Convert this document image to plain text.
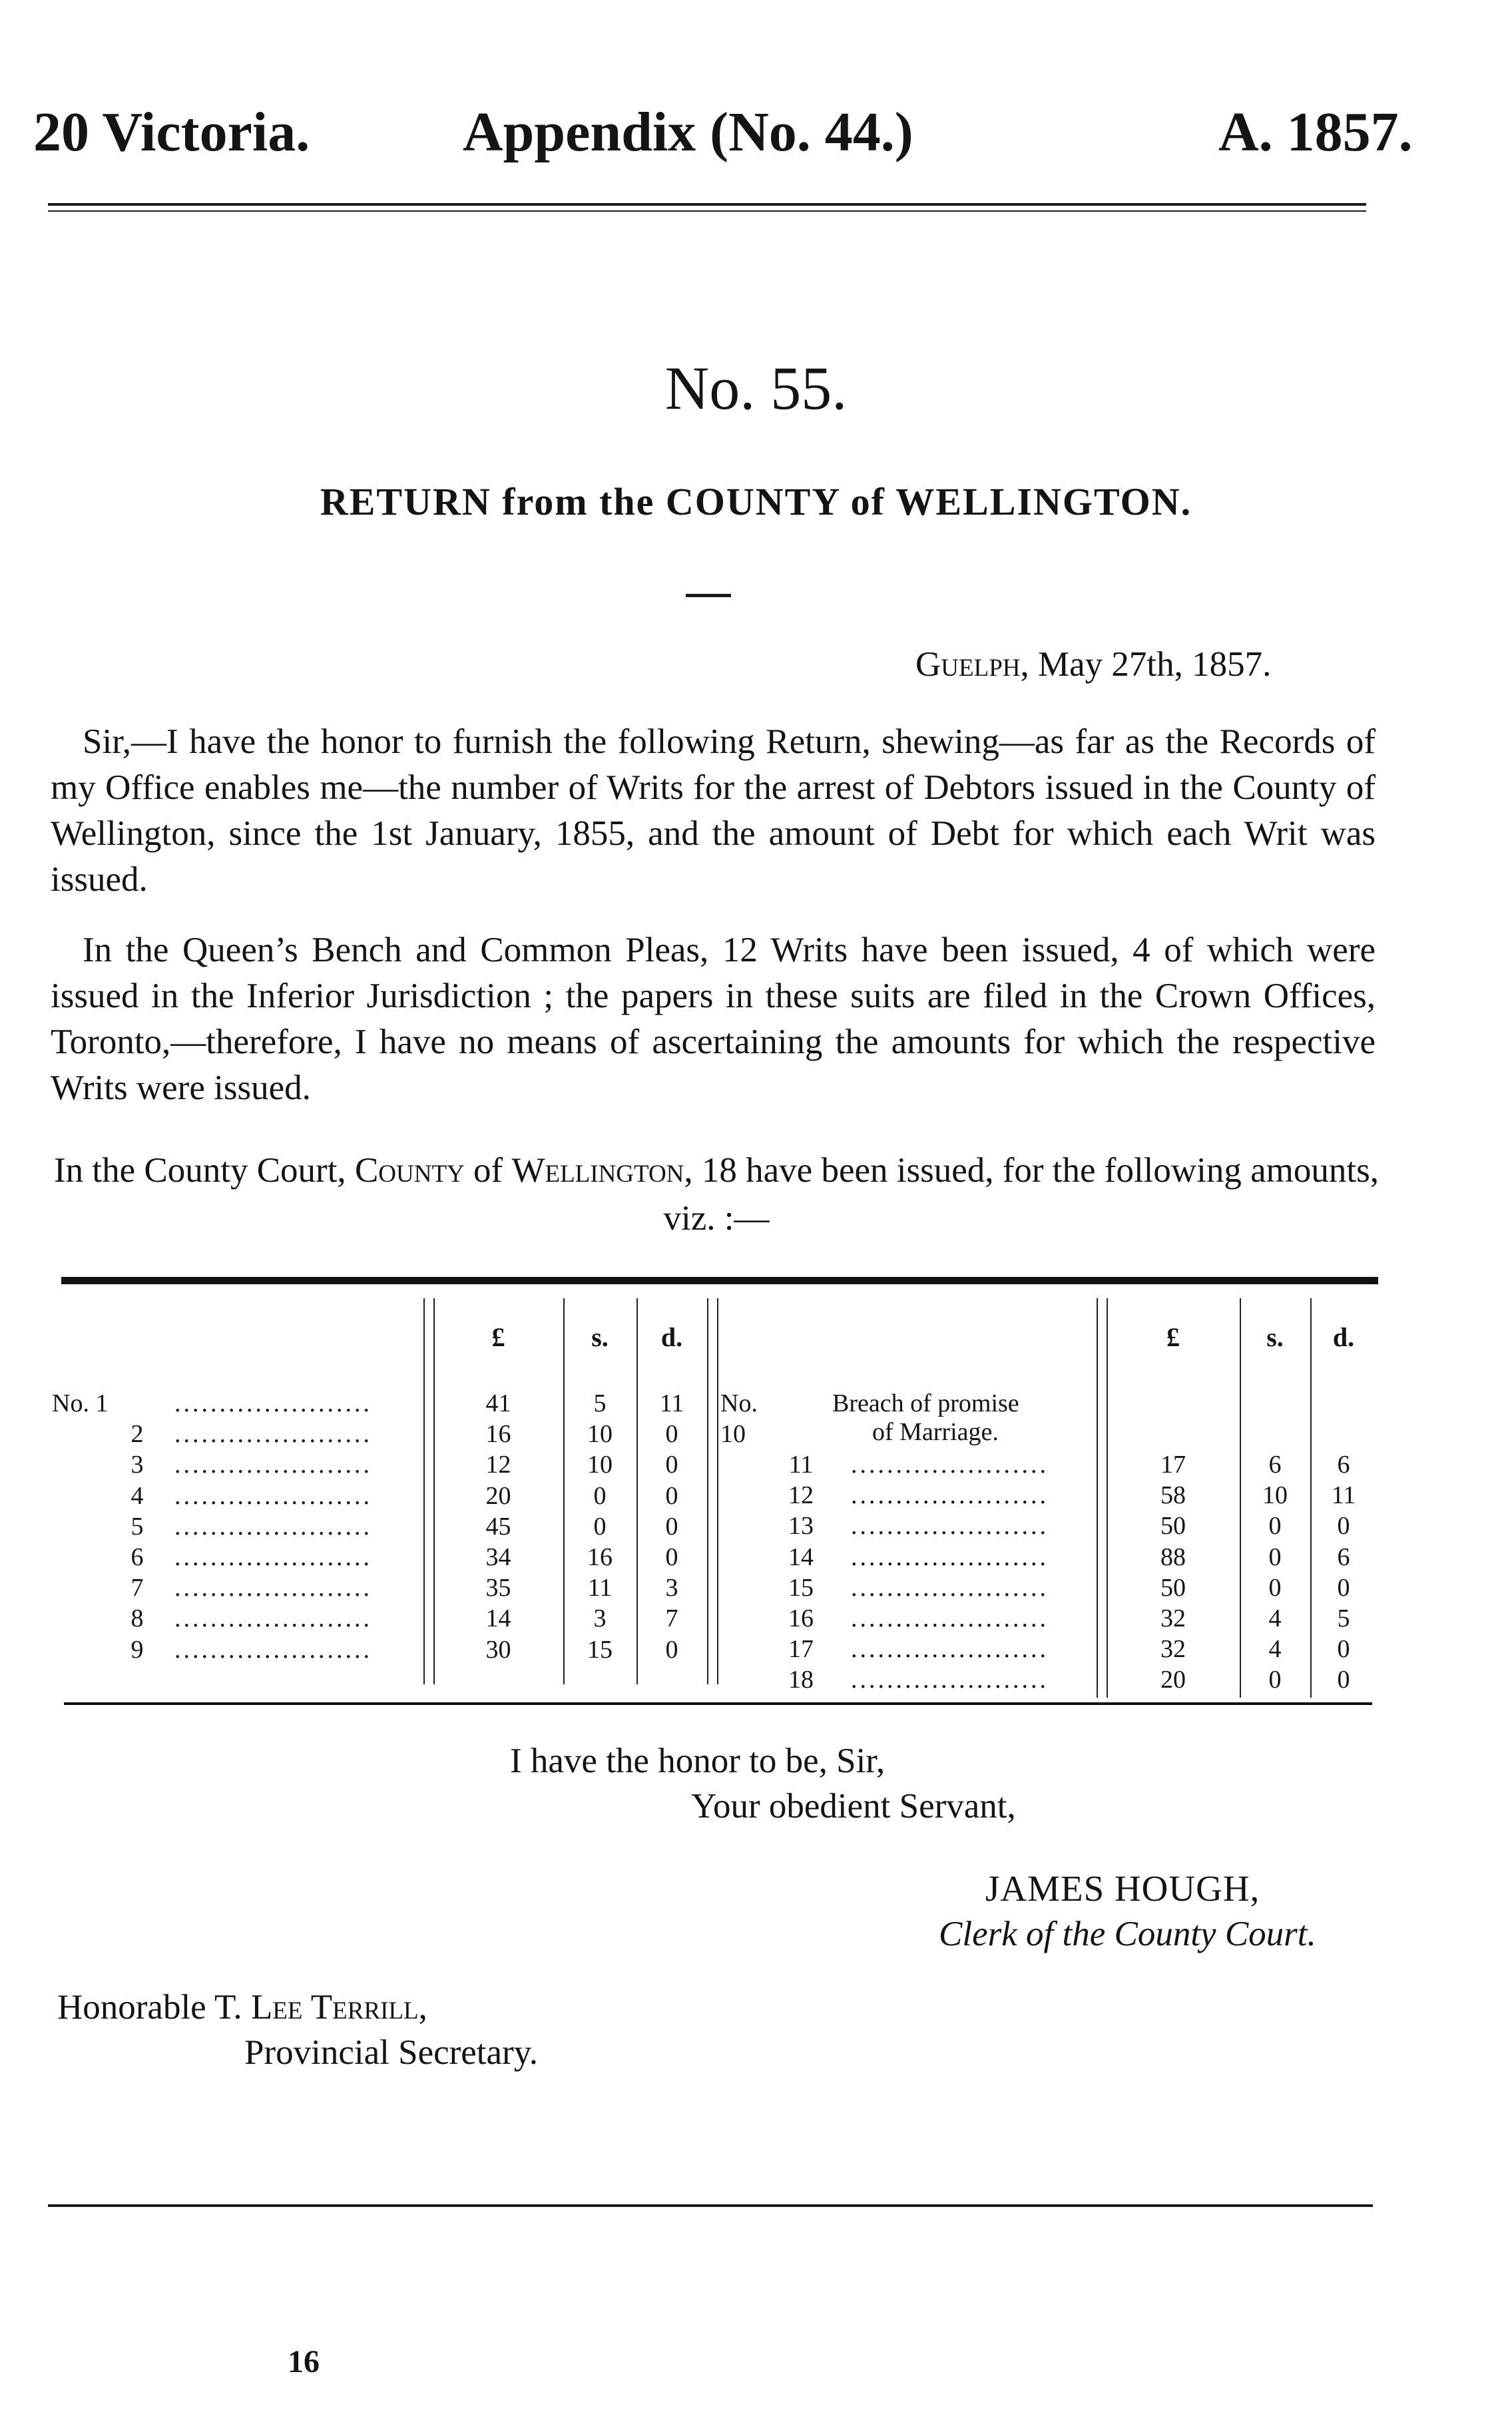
20 Victoria.	Appendix (No. 44.)	A. 1857.
No. 55.
RETURN from the COUNTY of WELLINGTON.
Guelph, May 27th, 1857.
Sir,—I have the honor to furnish the following Return, shewing—as far as the Records of my Office enables me—the number of Writs for the arrest of Debtors issued in the County of Wellington, since the 1st January, 1855, and the amount of Debt for which each Writ was issued.
In the Queen’s Bench and Common Pleas, 12 Writs have been issued, 4 of which were issued in the Inferior Jurisdiction ; the papers in these suits are filed in the Crown Offices, Toronto,—therefore, I have no means of ascertaining the amounts for which the respective Writs were issued.
In the County Court, County of Wellington, 18 have been issued, for the following amounts, viz. :—
£	s.	d.	£	s.	d.
No. 10
Breach of promise
of Marriage.
No. 1	......................	41	5	11
2 ......................	16	10	0
3 ......................	12	10	0
4 ......................	20	0	0
5 ......................	45	0	0
6 ......................	34	16	0
7 ......................	35	11	3
8 ......................	14	3	7
9 ......................	30	15	0
11	......................	17	6	6
12	......................	58	10	11
13	......................	50	0	0
14	......................	88	0	6
15	......................	50	0	0
16	......................	32	4	5
17	......................	32	4	0
18	......................	20	0	0
I have the honor to be, Sir,
Your obedient Servant,
JAMES HOUGH,
Clerk of the County Court.
Honorable T. Lee Terrill,
Provincial Secretary.
16
